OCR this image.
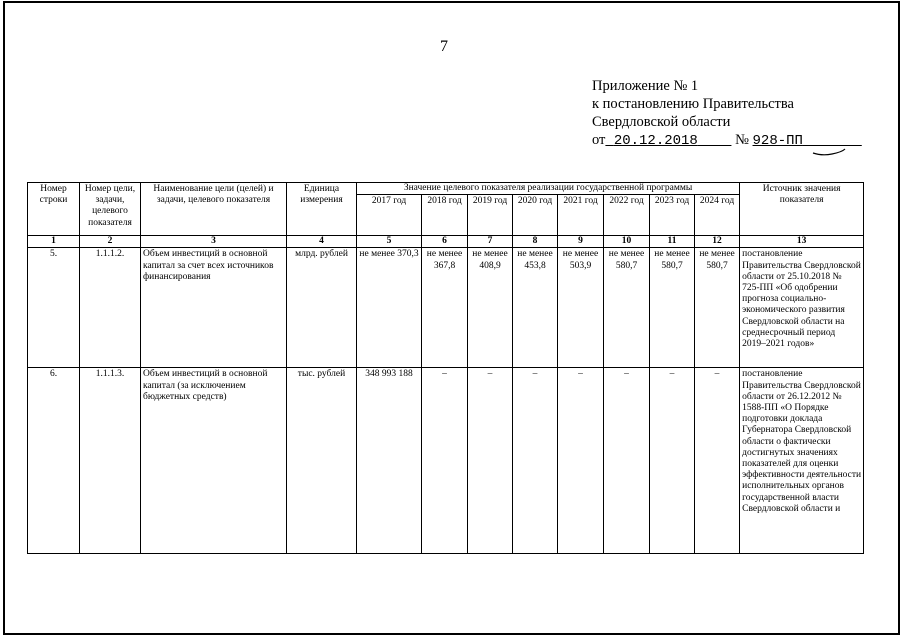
7
Приложение № 1
к постановлению Правительства
Свердловской области
от 20.12.2018	№ 928-ПП
Номер строки	Номер цели, задачи, целевого показателя	Наименование цели (целей) и задачи, целевого показателя	Единица измерения	Значение целевого показателя реализации государственной программы								Источник значения показателя
				2017 год	2018 год	2019 год	2020 год	2021 год	2022 год	2023 год	2024 год	
1	2	3	4	5	6	7	8	9	10	11	12	13
5.	1.1.1.2.	Объем инвестиций в основной капитал за счет всех источников финансирования	млрд. рублей	не менее 370,3	не менее 367,8	не менее 408,9	не менее 453,8	не менее 503,9	не менее 580,7	не менее 580,7	не менее 580,7	постановление Правительства Свердловской области от 25.10.2018 № 725-ПП «Об одобрении прогноза социально-экономического развития Свердловской области на среднесрочный период 2019–2021 годов»
6.	1.1.1.3.	Объем инвестиций в основной капитал (за исключением бюджетных средств)	тыс. рублей	348 993 188	–	–	–	–	–	–	–	постановление Правительства Свердловской области от 26.12.2012 № 1588-ПП «О Порядке подготовки доклада Губернатора Свердловской области о фактически достигнутых значениях показателей для оценки эффективности деятельности исполнительных органов государственной власти Свердловской области и
